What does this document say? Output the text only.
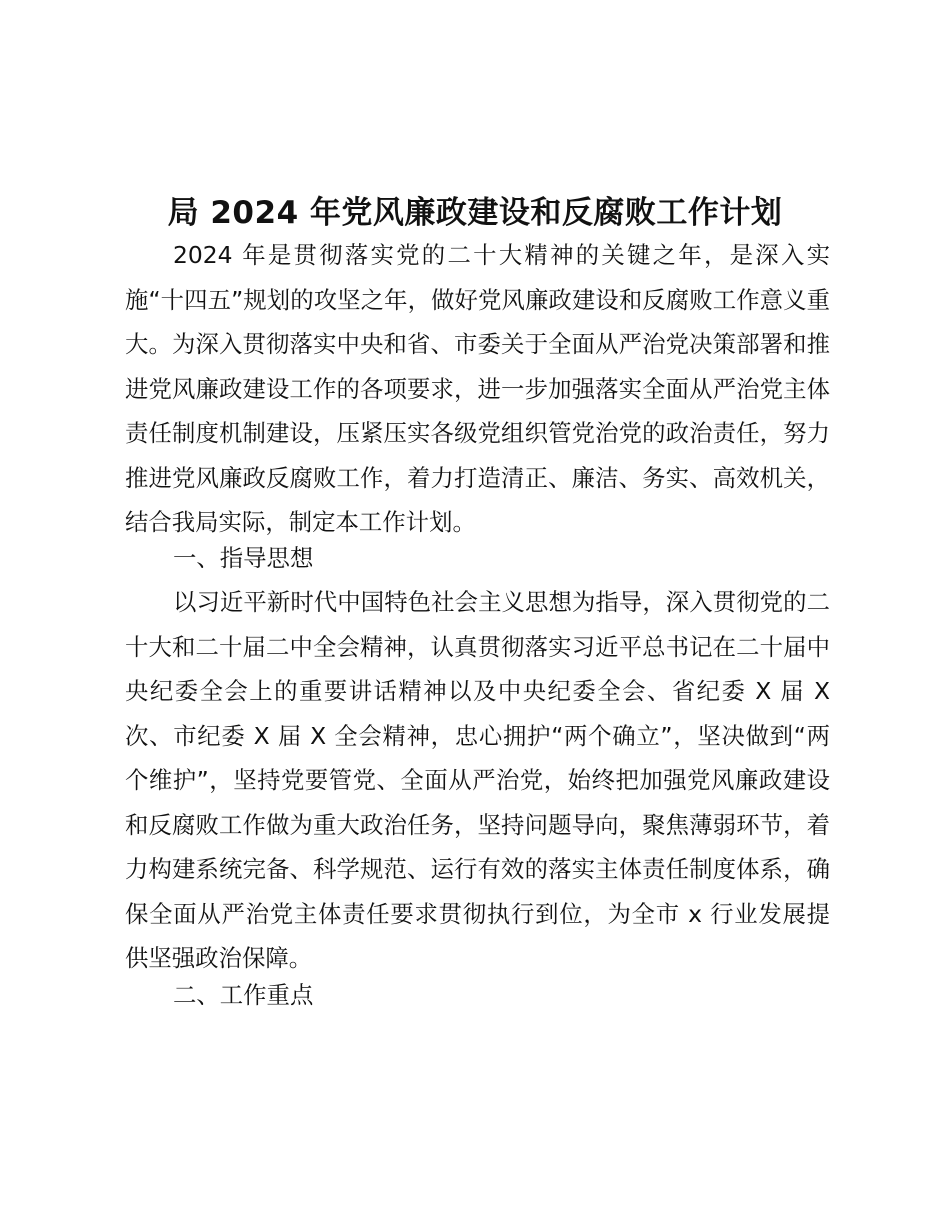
局 2024 年党风廉政建设和反腐败工作计划

2024 年是贯彻落实党的二十大精神的关键之年，是深入实施“十四五”规划的攻坚之年，做好党风廉政建设和反腐败工作意义重大。为深入贯彻落实中央和省、市委关于全面从严治党决策部署和推进党风廉政建设工作的各项要求，进一步加强落实全面从严治党主体责任制度机制建设，压紧压实各级党组织管党治党的政治责任，努力推进党风廉政反腐败工作，着力打造清正、廉洁、务实、高效机关，结合我局实际，制定本工作计划。

一、指导思想

以习近平新时代中国特色社会主义思想为指导，深入贯彻党的二十大和二十届二中全会精神，认真贯彻落实习近平总书记在二十届中央纪委全会上的重要讲话精神以及中央纪委全会、省纪委 X 届 X 次、市纪委 X 届 X 全会精神，忠心拥护“两个确立”，坚决做到“两个维护”，坚持党要管党、全面从严治党，始终把加强党风廉政建设和反腐败工作做为重大政治任务，坚持问题导向，聚焦薄弱环节，着力构建系统完备、科学规范、运行有效的落实主体责任制度体系，确保全面从严治党主体责任要求贯彻执行到位，为全市 x 行业发展提供坚强政治保障。

二、工作重点
